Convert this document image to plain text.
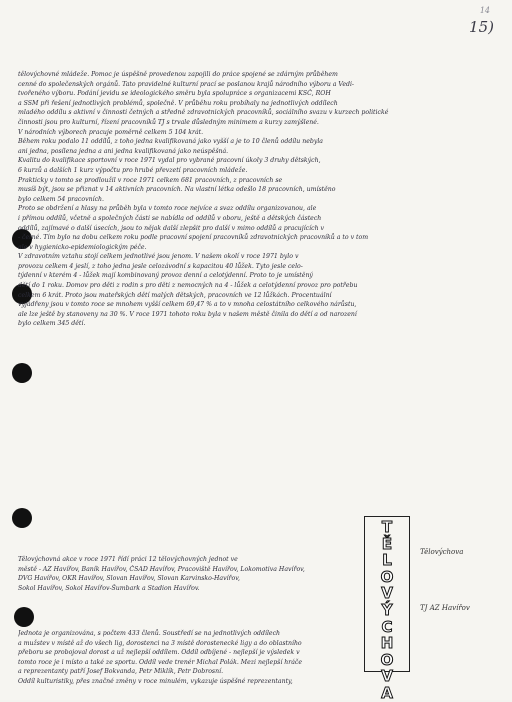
14
15)
tělovýchovné mládeže. Pomoc je úspěšně provedenou zapojili do práce spojené se zdárným průběhem
cenné do společenských orgánů. Tato pravidelné kulturní prací se poslanou krajů národního výboru a Vedi-
tvořeného výboru. Podání jevidu se ideologického směru byla spolupráce s organizacemi KSČ, ROH
a SSM při řešení jednotlivých problémů, společně. V průběhu roku probíhaly na jednotlivých oddílech
mladého oddílu s aktivní v činnosti četných a středně zdravotnických pracovníků, sociálního svazu v kurzech politické
činnosti jsou pro kulturní, řízení pracovníků TJ s trvale důsledným minimem a kurzy zamýšlené.
V národních výborech pracuje poměrně celkem 5 104 krát.
Během roku podalo 11 oddílů, z toho jedna kvalifikovaná jako vyšší a je to 10 členů oddílu nebyla
ani jedna, posílena jedna a ani jedna kvalifikovaná jako neúspěšná.
Kvalitu do kvalifikace sportovní v roce 1971 vydal pro vybrané pracovní úkoly 3 druhy dětských,
6 kurzů a dalších 1 kurz výpočtu pro hrubé převzetí pracovních mládeže.
Prakticky v tomto se prodloužil v roce 1971 celkem 681 pracovních, z pracovních se
musíš být, jsou se přiznat v 14 aktivních pracovních. Na vlastní létka odešlo 18 pracovních, umístěno
bylo celkem 54 pracovních.
Proto se obdržení a hlasy na průběh byla v tomto roce nejvíce a svaz oddílu organizovanou, ale
i přímou oddílů, včetně a společných části se nabídla od oddílů v oboru, ještě a dětských částech
oddílů, zajímavé o další úsecích, jsou to nějak další zlepšit pro další v mimo oddílů a pracujících v
- četné. Tím bylo na dobu celkem roku podle pracovní spojení pracovníků zdravotnických pracovníků a to v tom
ale v hygienicko-epidemiologickým péče.
V zdravotním vztahu stojí celkem jednotlivé jsou jenom. V našem okolí v roce 1971 bylo v
provozu celkem 4 jeslí, z toho jedna jesle celozávodní s kapacitou 40 lůžek. Tyto jesle celo-
týdenní v kterém 4 - lůžek mají kombinovaný provoz denní a celotýdenní. Proto to je umístěný
dětí do 1 roku. Domov pro děti z rodin s pro děti z nemocných na 4 - lůžek a celotýdenní provoz pro potřebu
celkem 6 krát. Proto jsou mateřských dětí malých dětských, pracovních ve 12 lůžkách. Procentuální
vyjádřeny jsou v tomto roce se mnohem vyšší celkem 69,47 % a to v mnoha celostátního celkového nárůstu,
ale lze ještě by stanoveny na 30 %. V roce 1971 tohoto roku byla v našem městě činila do dětí a od narození
bylo celkem 345 dětí.
Tělovýchovná akce v roce 1971 řídí práci 12 tělovýchovných jednot ve
městě - AZ Havířov, Baník Havířov, ČSAD Havířov, Pracoviště Havířov, Lokomotiva Havířov,
DVG Havířov, OKR Havířov, Slovan Havířov, Slovan Karvinsko-Havířov,
Sokol Havířov, Sokol Havířov-Šumbark a Stadion Havířov.
Jednota je organizována, s počtem 433 členů. Soustředí se na jednotlivých oddílech
a mužstev v místě až do všech lig, dorostenci na 3 místě dorostenecké ligy a do oblastního
přeboru se probojoval dorost a už nejlepší oddílem. Oddíl odbíjené - nejlepší je výsledek v
tomto roce je i místo a také ze sportu. Oddíl vede trenér Michal Polák. Mezi nejlepší hráče
a reprezentanty patří Josef Bokvanda, Petr Miklík, Petr Dobrosní.
Oddíl kulturistiky, přes značné změny v roce minulém, vykazuje úspěšné reprezentanty,
T
Ě
L
O
V
Ý
C
H
O
V
A
Tělovýchova
TJ AZ Havířov
